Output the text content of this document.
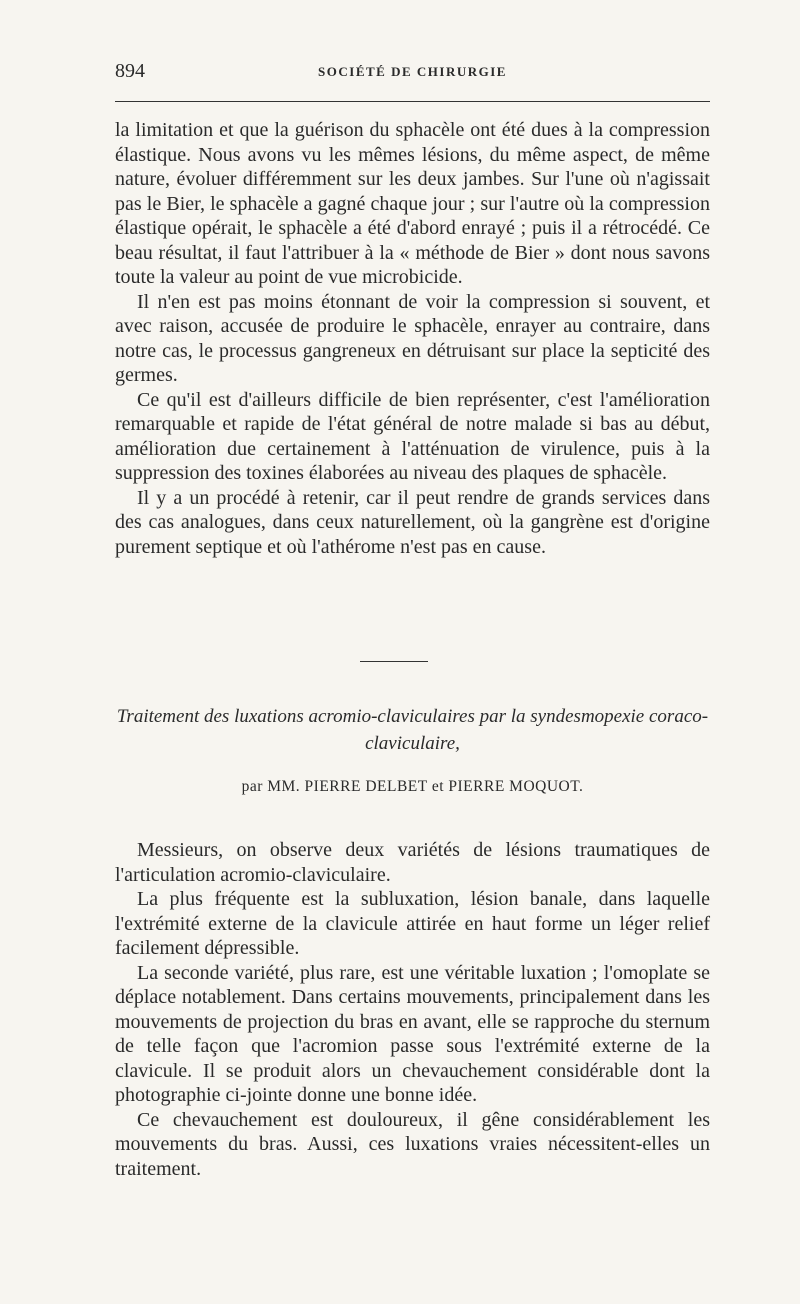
894	SOCIÉTÉ DE CHIRURGIE

la limitation et que la guérison du sphacèle ont été dues à la compression élastique. Nous avons vu les mêmes lésions, du même aspect, de même nature, évoluer différemment sur les deux jambes. Sur l'une où n'agissait pas le Bier, le sphacèle a gagné chaque jour ; sur l'autre où la compression élastique opérait, le sphacèle a été d'abord enrayé ; puis il a rétrocédé. Ce beau résultat, il faut l'attribuer à la « méthode de Bier » dont nous savons toute la valeur au point de vue microbicide.

Il n'en est pas moins étonnant de voir la compression si souvent, et avec raison, accusée de produire le sphacèle, enrayer au contraire, dans notre cas, le processus gangreneux en détruisant sur place la septicité des germes.

Ce qu'il est d'ailleurs difficile de bien représenter, c'est l'amélioration remarquable et rapide de l'état général de notre malade si bas au début, amélioration due certainement à l'atténuation de virulence, puis à la suppression des toxines élaborées au niveau des plaques de sphacèle.

Il y a un procédé à retenir, car il peut rendre de grands services dans des cas analogues, dans ceux naturellement, où la gangrène est d'origine purement septique et où l'athérome n'est pas en cause.

Traitement des luxations acromio-claviculaires par la syndesmopexie coraco-claviculaire,
par MM. PIERRE DELBET et PIERRE MOQUOT.

Messieurs, on observe deux variétés de lésions traumatiques de l'articulation acromio-claviculaire.

La plus fréquente est la subluxation, lésion banale, dans laquelle l'extrémité externe de la clavicule attirée en haut forme un léger relief facilement dépressible.

La seconde variété, plus rare, est une véritable luxation ; l'omoplate se déplace notablement. Dans certains mouvements, principalement dans les mouvements de projection du bras en avant, elle se rapproche du sternum de telle façon que l'acromion passe sous l'extrémité externe de la clavicule. Il se produit alors un chevauchement considérable dont la photographie ci-jointe donne une bonne idée.

Ce chevauchement est douloureux, il gêne considérablement les mouvements du bras. Aussi, ces luxations vraies nécessitent-elles un traitement.
